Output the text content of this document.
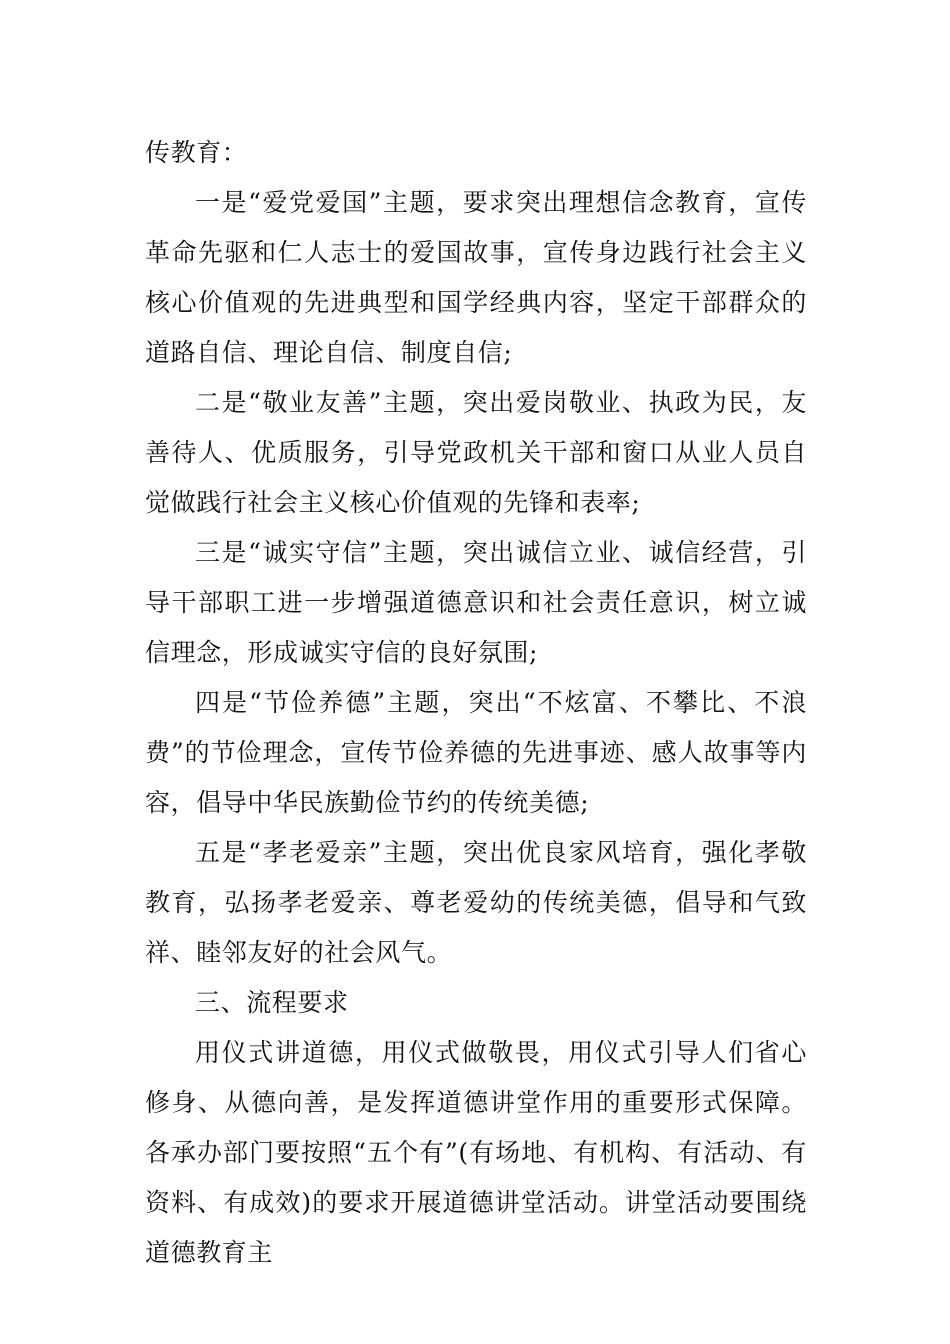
传教育：

一是“爱党爱国”主题，要求突出理想信念教育，宣传革命先驱和仁人志士的爱国故事，宣传身边践行社会主义核心价值观的先进典型和国学经典内容，坚定干部群众的道路自信、理论自信、制度自信;

二是“敬业友善”主题，突出爱岗敬业、执政为民，友善待人、优质服务，引导党政机关干部和窗口从业人员自觉做践行社会主义核心价值观的先锋和表率;

三是“诚实守信”主题，突出诚信立业、诚信经营，引导干部职工进一步增强道德意识和社会责任意识，树立诚信理念，形成诚实守信的良好氛围;

四是“节俭养德”主题，突出“不炫富、不攀比、不浪费”的节俭理念，宣传节俭养德的先进事迹、感人故事等内容，倡导中华民族勤俭节约的传统美德;

五是“孝老爱亲”主题，突出优良家风培育，强化孝敬教育，弘扬孝老爱亲、尊老爱幼的传统美德，倡导和气致祥、睦邻友好的社会风气。

三、流程要求

用仪式讲道德，用仪式做敬畏，用仪式引导人们省心修身、从德向善，是发挥道德讲堂作用的重要形式保障。各承办部门要按照“五个有”(有场地、有机构、有活动、有资料、有成效)的要求开展道德讲堂活动。讲堂活动要围绕道德教育主
